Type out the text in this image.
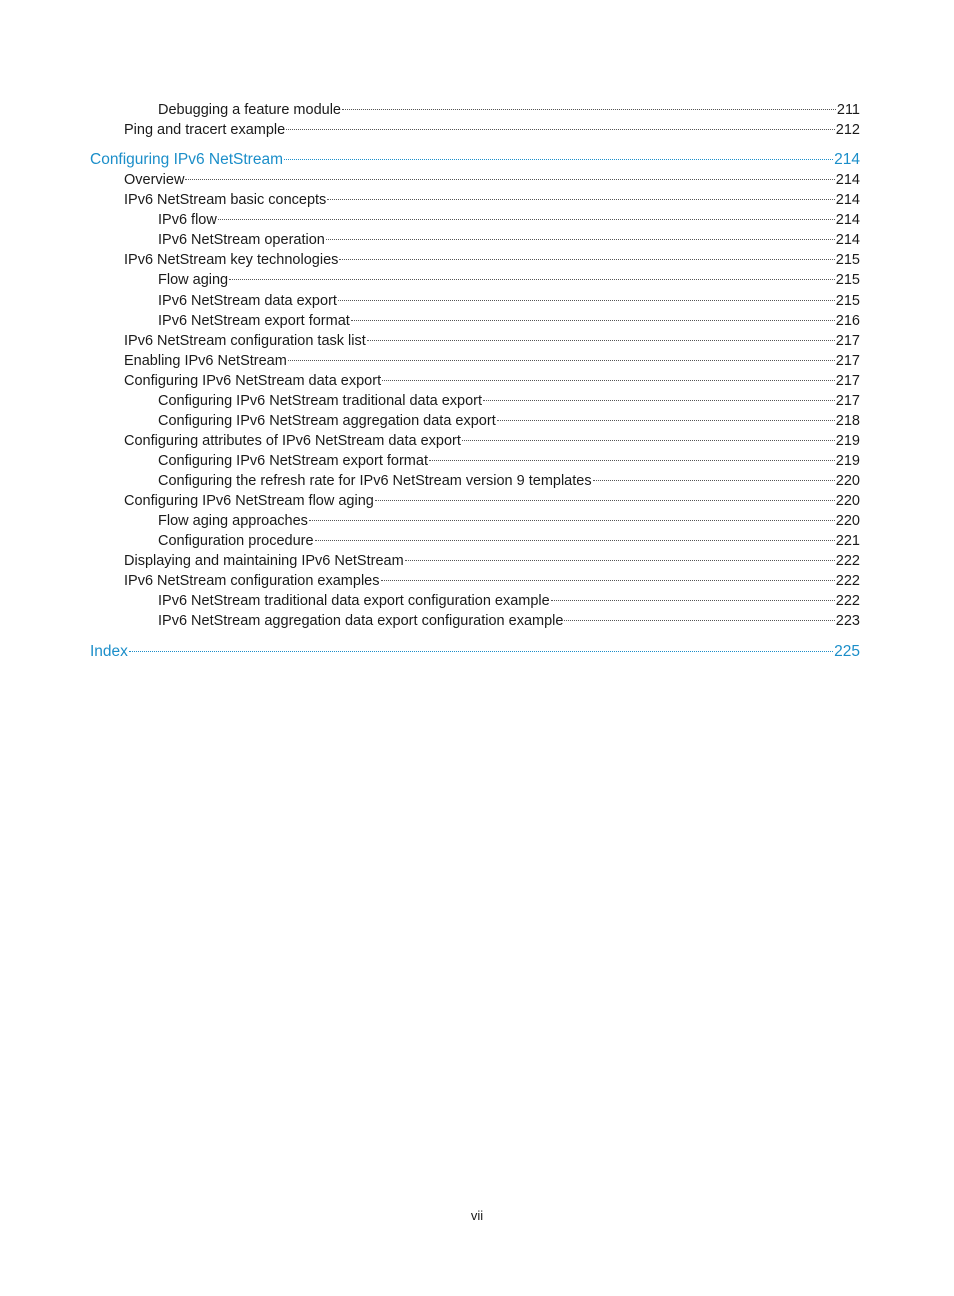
Debugging a feature module	211
Ping and tracert example	212
Configuring IPv6 NetStream	214
Overview	214
IPv6 NetStream basic concepts	214
IPv6 flow	214
IPv6 NetStream operation	214
IPv6 NetStream key technologies	215
Flow aging	215
IPv6 NetStream data export	215
IPv6 NetStream export format	216
IPv6 NetStream configuration task list	217
Enabling IPv6 NetStream	217
Configuring IPv6 NetStream data export	217
Configuring IPv6 NetStream traditional data export	217
Configuring IPv6 NetStream aggregation data export	218
Configuring attributes of IPv6 NetStream data export	219
Configuring IPv6 NetStream export format	219
Configuring the refresh rate for IPv6 NetStream version 9 templates	220
Configuring IPv6 NetStream flow aging	220
Flow aging approaches	220
Configuration procedure	221
Displaying and maintaining IPv6 NetStream	222
IPv6 NetStream configuration examples	222
IPv6 NetStream traditional data export configuration example	222
IPv6 NetStream aggregation data export configuration example	223
Index	225
vii
